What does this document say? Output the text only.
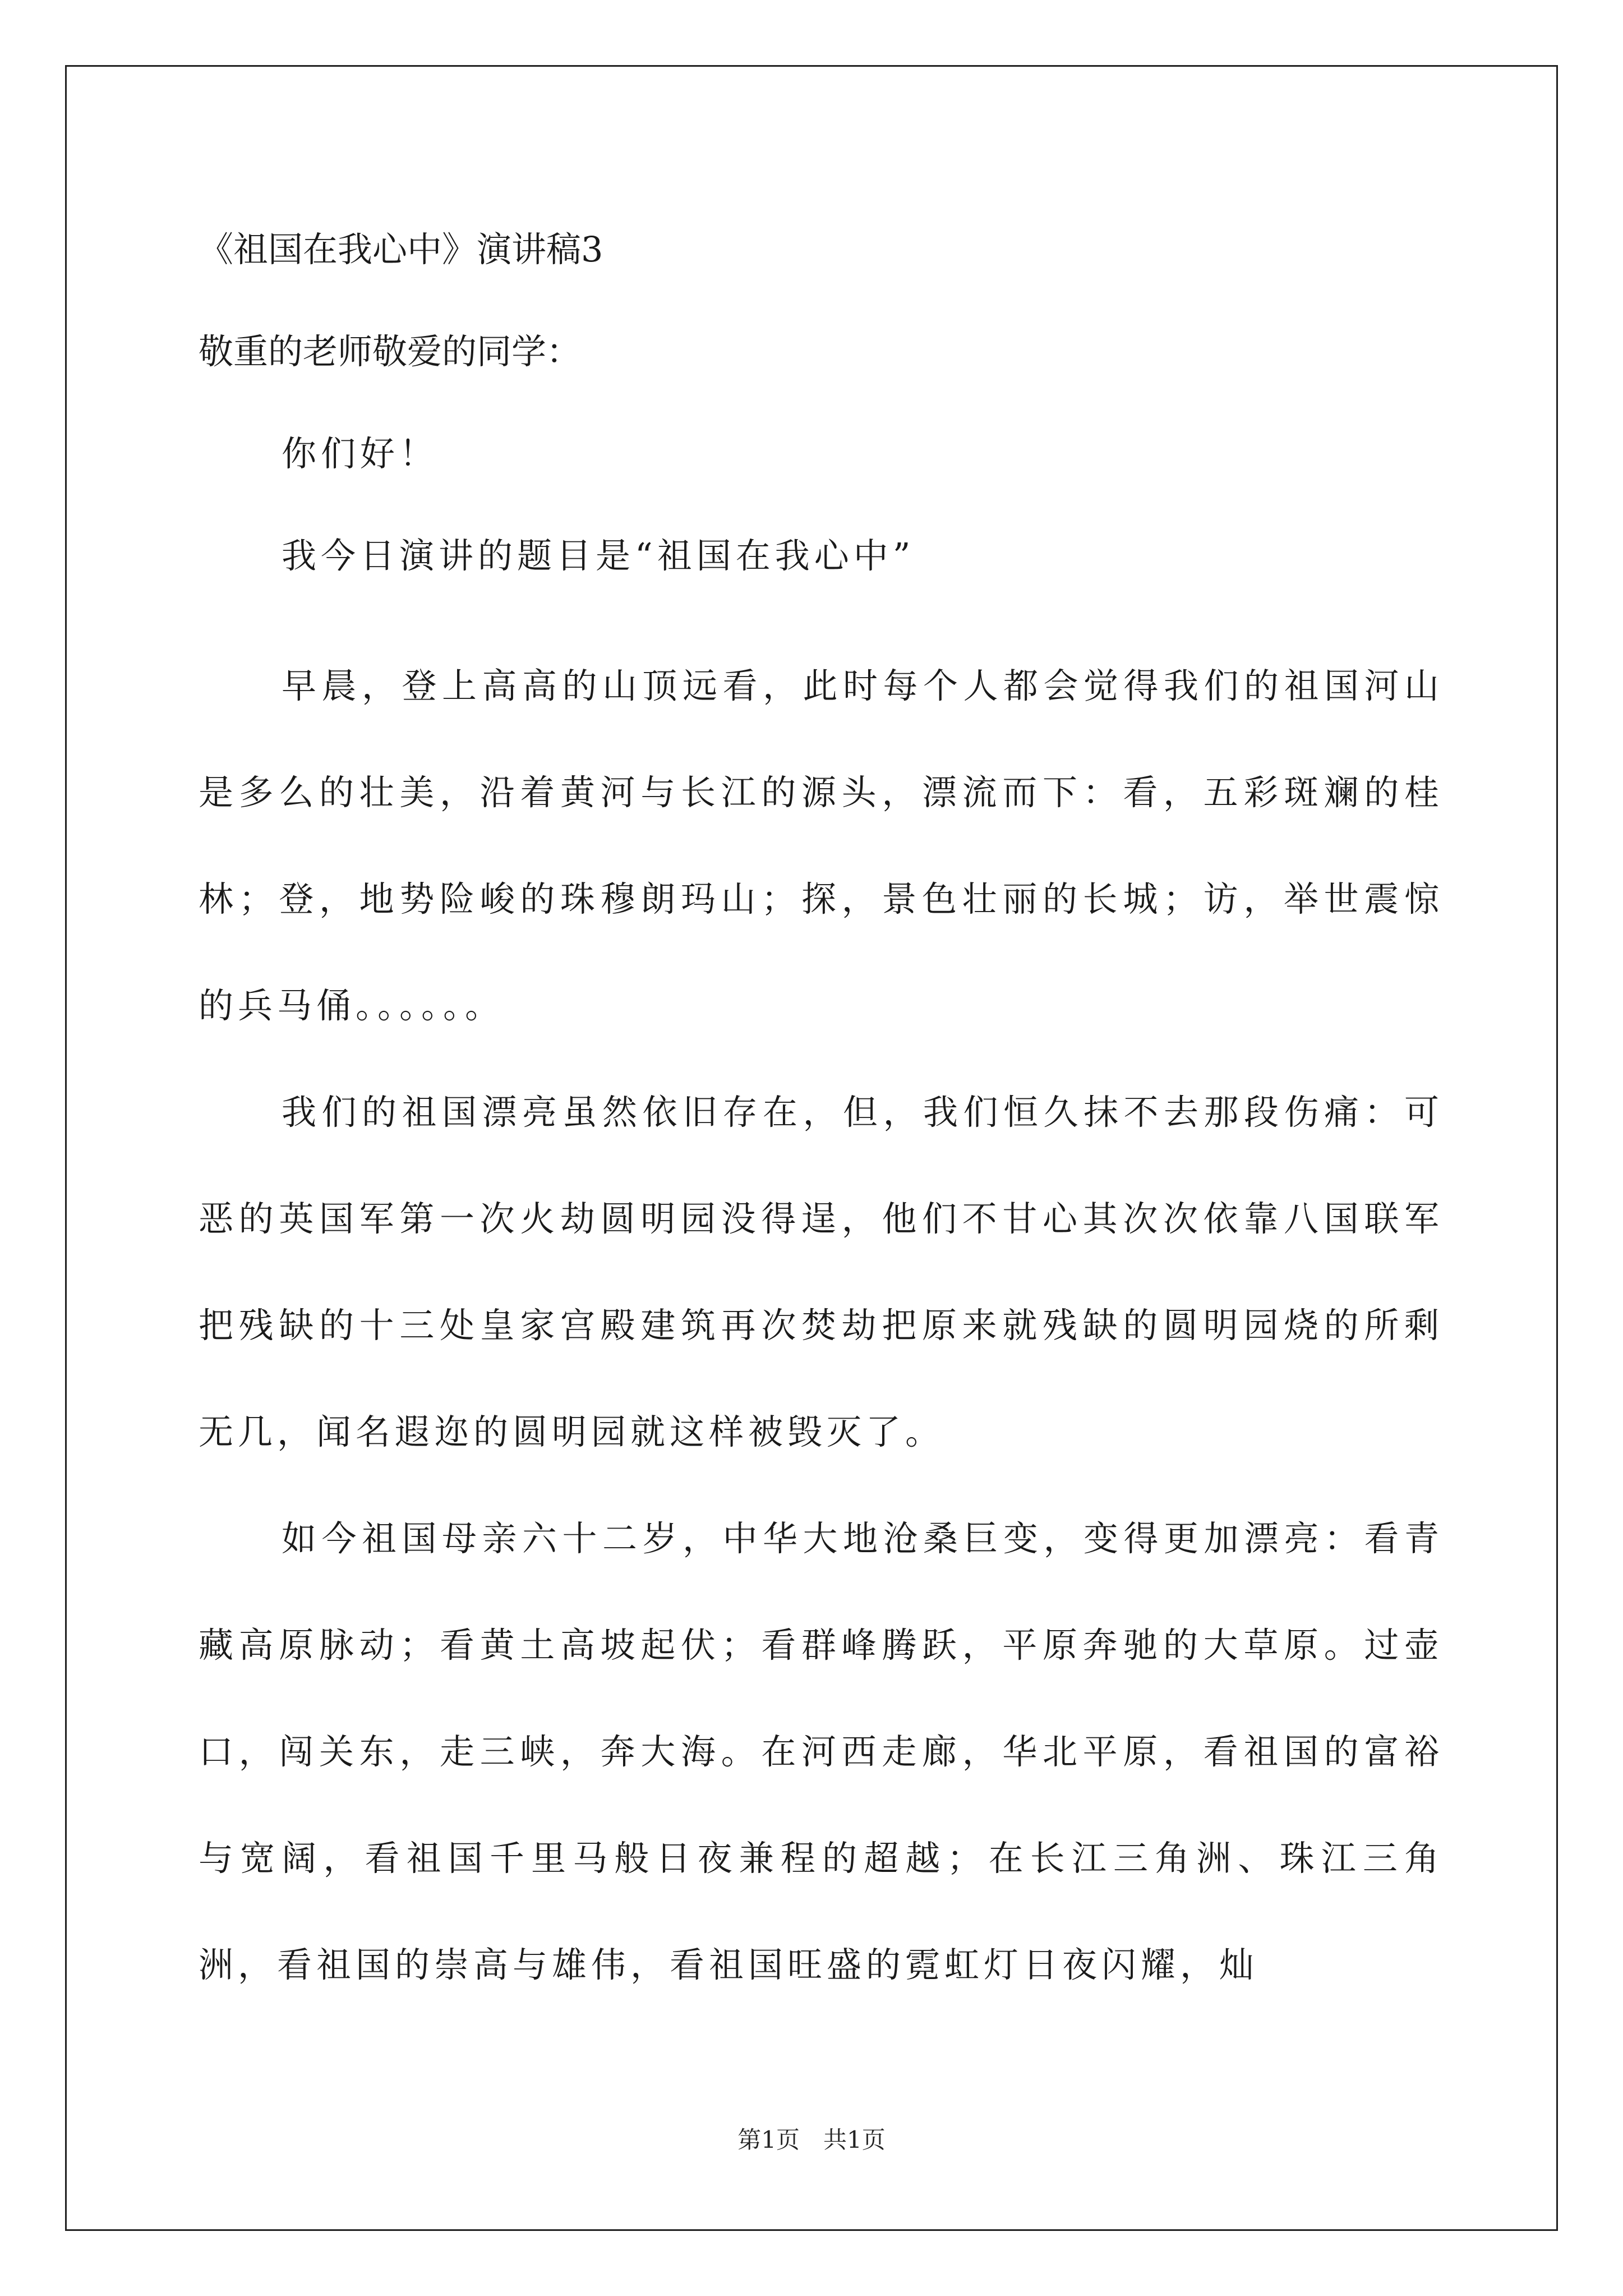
《祖国在我心中》演讲稿3
敬重的老师敬爱的同学：

你们好！

我今日演讲的题目是“祖国在我心中”

早晨，登上高高的山顶远看，此时每个人都会觉得我们的祖国河山是多么的壮美，沿着黄河与长江的源头，漂流而下：看，五彩斑斓的桂林；登，地势险峻的珠穆朗玛山；探，景色壮丽的长城；访，举世震惊的兵马俑。。。。。。

我们的祖国漂亮虽然依旧存在，但，我们恒久抹不去那段伤痛：可恶的英国军第一次火劫圆明园没得逞，他们不甘心其次次依靠八国联军把残缺的十三处皇家宫殿建筑再次焚劫把原来就残缺的圆明园烧的所剩无几，闻名遐迩的圆明园就这样被毁灭了。

如今祖国母亲六十二岁，中华大地沧桑巨变，变得更加漂亮：看青藏高原脉动；看黄土高坡起伏；看群峰腾跃，平原奔驰的大草原。过壶口，闯关东，走三峡，奔大海。在河西走廊，华北平原，看祖国的富裕与宽阔，看祖国千里马般日夜兼程的超越；在长江三角洲、珠江三角洲，看祖国的崇高与雄伟，看祖国旺盛的霓虹灯日夜闪耀，灿

第1页　共1页
